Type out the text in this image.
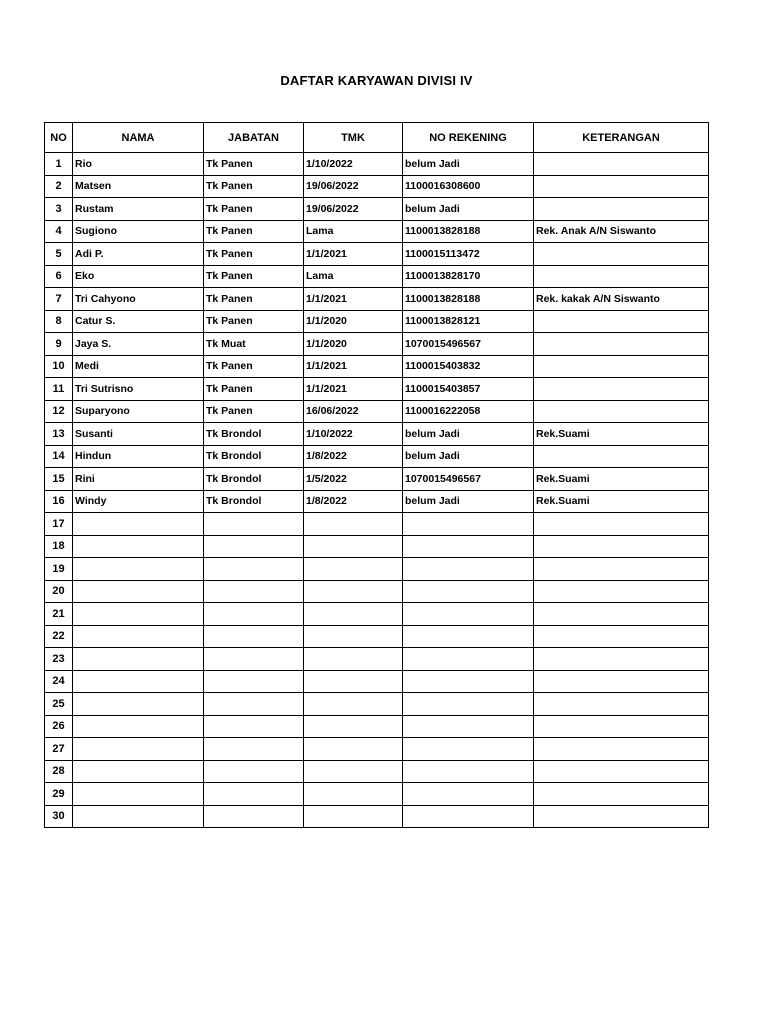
DAFTAR KARYAWAN DIVISI IV
NO	NAMA	JABATAN	TMK	NO REKENING	KETERANGAN
1	Rio	Tk Panen	1/10/2022	belum Jadi	
2	Matsen	Tk Panen	19/06/2022	1100016308600	
3	Rustam	Tk Panen	19/06/2022	belum Jadi	
4	Sugiono	Tk Panen	Lama	1100013828188	Rek. Anak A/N Siswanto
5	Adi P.	Tk Panen	1/1/2021	1100015113472	
6	Eko	Tk Panen	Lama	1100013828170	
7	Tri Cahyono	Tk Panen	1/1/2021	1100013828188	Rek. kakak A/N Siswanto
8	Catur S.	Tk Panen	1/1/2020	1100013828121	
9	Jaya S.	Tk Muat	1/1/2020	1070015496567	
10	Medi	Tk Panen	1/1/2021	1100015403832	
11	Tri Sutrisno	Tk Panen	1/1/2021	1100015403857	
12	Suparyono	Tk Panen	16/06/2022	1100016222058	
13	Susanti	Tk Brondol	1/10/2022	belum Jadi	Rek.Suami
14	Hindun	Tk Brondol	1/8/2022	belum Jadi	
15	Rini	Tk Brondol	1/5/2022	1070015496567	Rek.Suami
16	Windy	Tk Brondol	1/8/2022	belum Jadi	Rek.Suami
17					
18					
19					
20					
21					
22					
23					
24					
25					
26					
27					
28					
29					
30					
